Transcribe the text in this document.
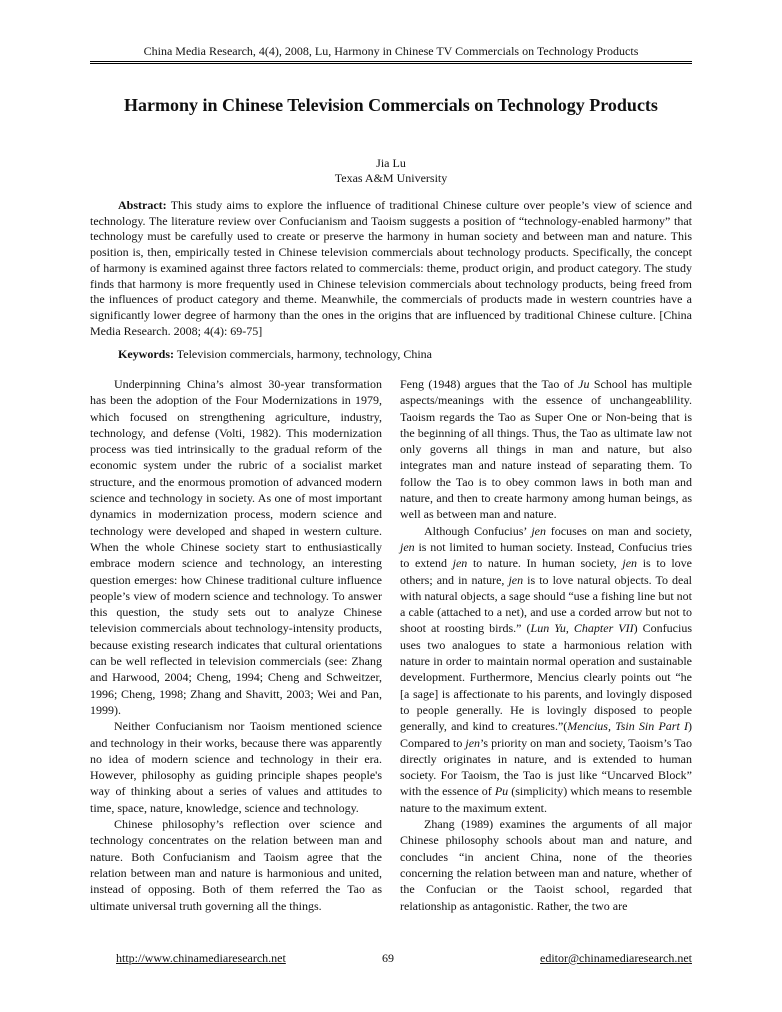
China Media Research, 4(4), 2008, Lu, Harmony in Chinese TV Commercials on Technology Products
Harmony in Chinese Television Commercials on Technology Products
Jia Lu
Texas A&M University

Abstract: This study aims to explore the influence of traditional Chinese culture over people’s view of science and technology. The literature review over Confucianism and Taoism suggests a position of “technology-enabled harmony” that technology must be carefully used to create or preserve the harmony in human society and between man and nature. This position is, then, empirically tested in Chinese television commercials about technology products. Specifically, the concept of harmony is examined against three factors related to commercials: theme, product origin, and product category. The study finds that harmony is more frequently used in Chinese television commercials about technology products, being freed from the influences of product category and theme. Meanwhile, the commercials of products made in western countries have a significantly lower degree of harmony than the ones in the origins that are influenced by traditional Chinese culture. [China Media Research. 2008; 4(4): 69-75]

Keywords: Television commercials, harmony, technology, China

Underpinning China’s almost 30-year transformation has been the adoption of the Four Modernizations in 1979, which focused on strengthening agriculture, industry, technology, and defense (Volti, 1982). This modernization process was tied intrinsically to the gradual reform of the economic system under the rubric of a socialist market structure, and the enormous promotion of advanced modern science and technology in society. As one of most important dynamics in modernization process, modern science and technology were developed and shaped in western culture. When the whole Chinese society start to enthusiastically embrace modern science and technology, an interesting question emerges: how Chinese traditional culture influence people’s view of modern science and technology. To answer this question, the study sets out to analyze Chinese television commercials about technology-intensity products, because existing research indicates that cultural orientations can be well reflected in television commercials (see: Zhang and Harwood, 2004; Cheng, 1994; Cheng and Schweitzer, 1996; Cheng, 1998; Zhang and Shavitt, 2003; Wei and Pan, 1999).

Neither Confucianism nor Taoism mentioned science and technology in their works, because there was apparently no idea of modern science and technology in their era. However, philosophy as guiding principle shapes people's way of thinking about a series of values and attitudes to time, space, nature, knowledge, science and technology.

Chinese philosophy’s reflection over science and technology concentrates on the relation between man and nature. Both Confucianism and Taoism agree that the relation between man and nature is harmonious and united, instead of opposing. Both of them referred the Tao as ultimate universal truth governing all the things.

Feng (1948) argues that the Tao of Ju School has multiple aspects/meanings with the essence of unchangeablility. Taoism regards the Tao as Super One or Non-being that is the beginning of all things. Thus, the Tao as ultimate law not only governs all things in man and nature, but also integrates man and nature instead of separating them. To follow the Tao is to obey common laws in both man and nature, and then to create harmony among human beings, as well as between man and nature.

Although Confucius’ jen focuses on man and society, jen is not limited to human society. Instead, Confucius tries to extend jen to nature. In human society, jen is to love others; and in nature, jen is to love natural objects. To deal with natural objects, a sage should “use a fishing line but not a cable (attached to a net), and use a corded arrow but not to shoot at roosting birds.” (Lun Yu, Chapter VII) Confucius uses two analogues to state a harmonious relation with nature in order to maintain normal operation and sustainable development. Furthermore, Mencius clearly points out “he [a sage] is affectionate to his parents, and lovingly disposed to people generally. He is lovingly disposed to people generally, and kind to creatures.”(Mencius, Tsin Sin Part I) Compared to jen’s priority on man and society, Taoism’s Tao directly originates in nature, and is extended to human society. For Taoism, the Tao is just like “Uncarved Block” with the essence of Pu (simplicity) which means to resemble nature to the maximum extent.

Zhang (1989) examines the arguments of all major Chinese philosophy schools about man and nature, and concludes “in ancient China, none of the theories concerning the relation between man and nature, whether of the Confucian or the Taoist school, regarded that relationship as antagonistic. Rather, the two are

http://www.chinamediaresearch.net	69	editor@chinamediaresearch.net
